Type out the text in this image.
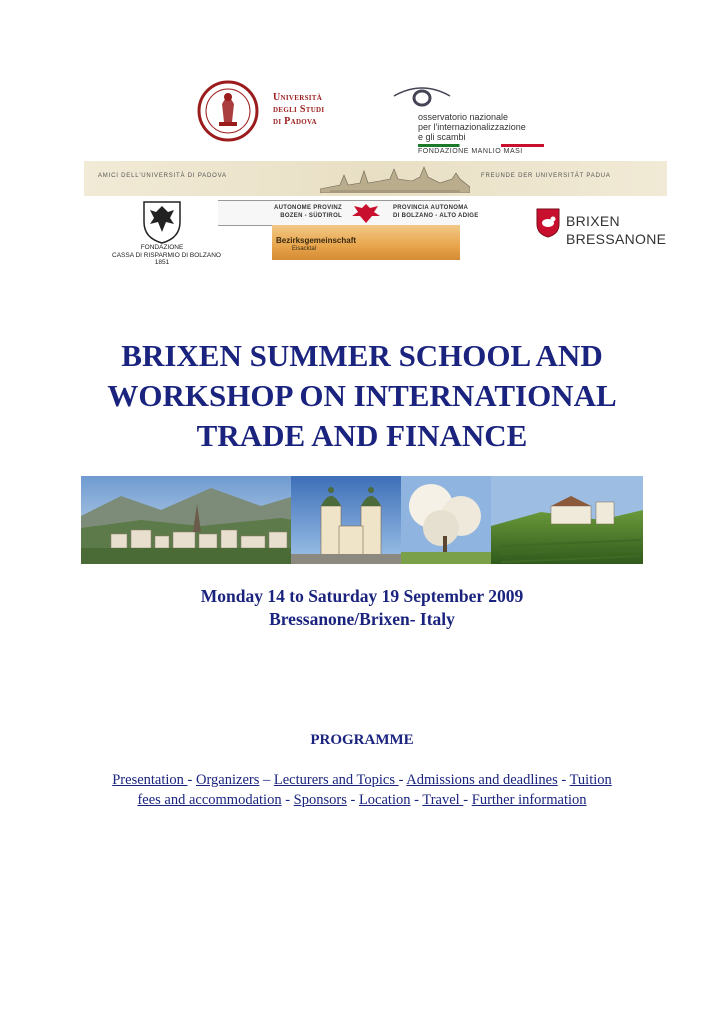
Università
degli Studi
di Padova	osservatorio nazionale
per l'internazionalizzazione
e gli scambi
FONDAZIONE MANLIO MASI
AMICI DELL'UNIVERSITÀ DI PADOVA	FREUNDE DER UNIVERSITÄT PADUA
FONDAZIONE
CASSA DI RISPARMIO DI BOLZANO
1851
AUTONOME PROVINZ
BOZEN - SÜDTIROL
PROVINCIA AUTONOMA
DI BOLZANO - ALTO ADIGE
Bezirksgemeinschaft
Eisacktal
BRIXEN
BRESSANONE
BRIXEN SUMMER SCHOOL AND
WORKSHOP ON INTERNATIONAL
TRADE AND FINANCE
Monday 14 to Saturday 19 September 2009
Bressanone/Brixen- Italy
PROGRAMME
Presentation - Organizers – Lecturers and Topics - Admissions and deadlines - Tuition
fees and accommodation - Sponsors - Location - Travel - Further information
